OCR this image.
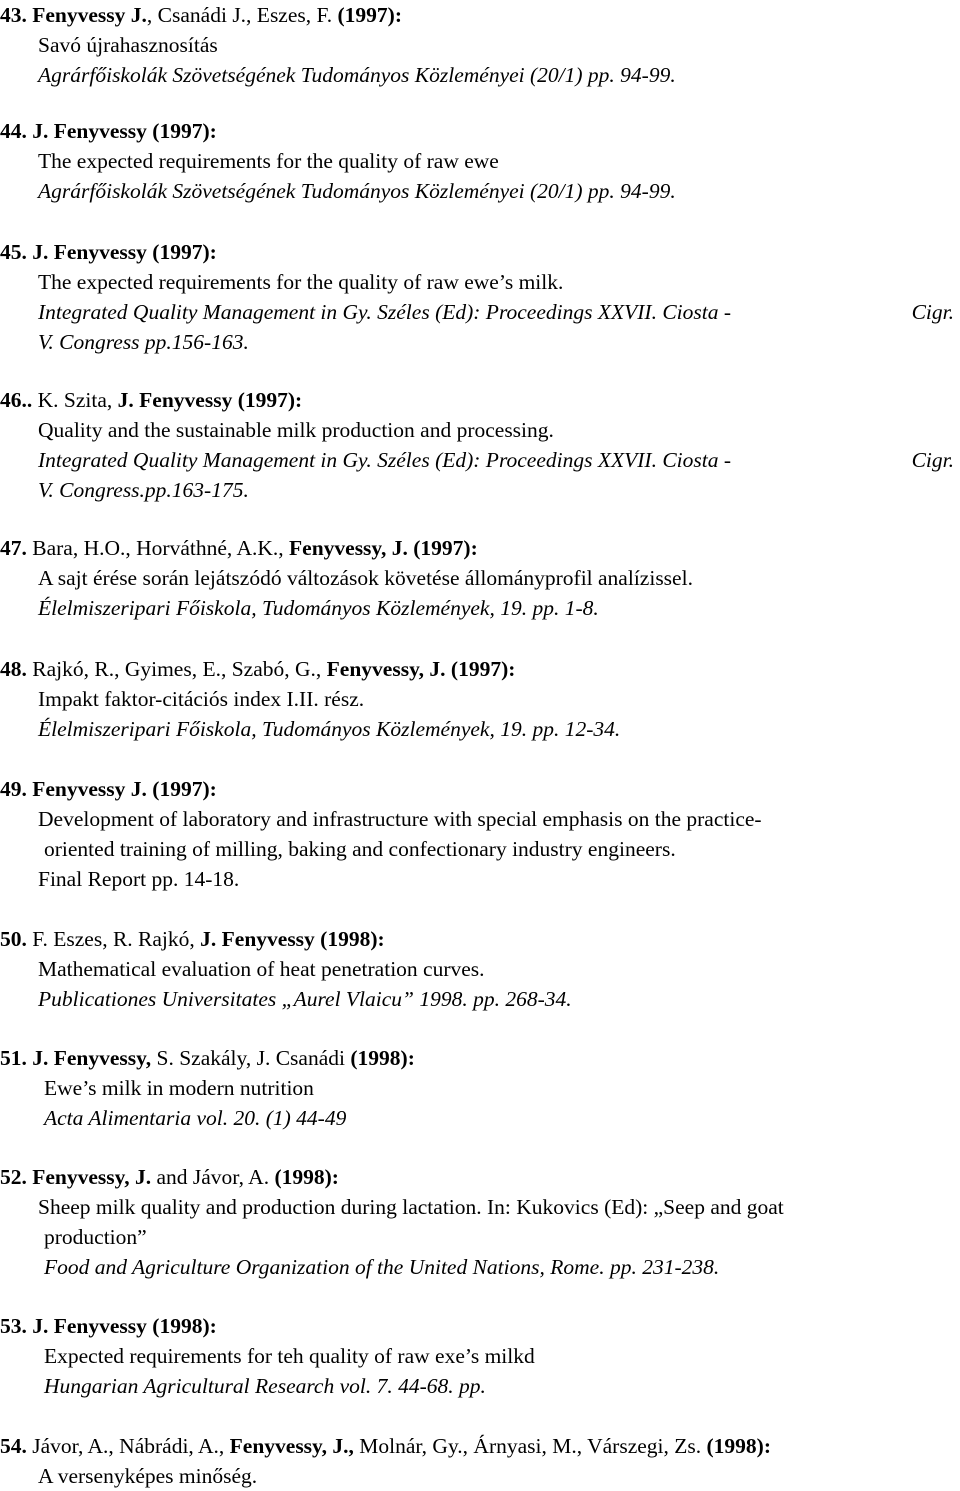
43. Fenyvessy J., Csanádi J., Eszes, F. (1997):
Savó újrahasznosítás
Agrárfőiskolák Szövetségének Tudományos Közleményei (20/1) pp. 94-99.
44. J. Fenyvessy (1997):
The expected requirements for the quality of raw ewe
Agrárfőiskolák Szövetségének Tudományos Közleményei (20/1) pp. 94-99.
45. J. Fenyvessy (1997):
The expected requirements for the quality of raw ewe’s milk.
Integrated Quality Management in Gy. Széles (Ed): Proceedings XXVII. Ciosta -	Cigr.
V. Congress pp.156-163.
46.. K. Szita, J. Fenyvessy (1997):
Quality and the sustainable milk production and processing.
Integrated Quality Management in Gy. Széles (Ed): Proceedings XXVII. Ciosta -	Cigr.
V. Congress.pp.163-175.
47. Bara, H.O., Horváthné, A.K., Fenyvessy, J. (1997):
A sajt érése során lejátszódó változások követése állományprofil analízissel.
Élelmiszeripari Főiskola, Tudományos Közlemények, 19. pp. 1-8.
48. Rajkó, R., Gyimes, E., Szabó, G., Fenyvessy, J. (1997):
Impakt faktor-citációs index I.II. rész.
Élelmiszeripari Főiskola, Tudományos Közlemények, 19. pp. 12-34.
49. Fenyvessy J. (1997):
Development of laboratory and infrastructure with special emphasis on the practice-
oriented training of milling, baking and confectionary industry engineers.
Final Report pp. 14-18.
50. F. Eszes, R. Rajkó, J. Fenyvessy (1998):
Mathematical evaluation of heat penetration curves.
Publicationes Universitates „Aurel Vlaicu” 1998. pp. 268-34.
51. J. Fenyvessy, S. Szakály, J. Csanádi (1998):
Ewe’s milk in modern nutrition
Acta Alimentaria vol. 20. (1) 44-49
52. Fenyvessy, J. and Jávor, A. (1998):
Sheep milk quality and production during lactation. In: Kukovics (Ed): „Seep and goat
production”
Food and Agriculture Organization of the United Nations, Rome. pp. 231-238.
53. J. Fenyvessy (1998):
Expected requirements for teh quality of raw exe’s milkd
Hungarian Agricultural Research vol. 7. 44-68. pp.
54. Jávor, A., Nábrádi, A., Fenyvessy, J., Molnár, Gy., Árnyasi, M., Várszegi, Zs. (1998):
A versenyképes minőség.
